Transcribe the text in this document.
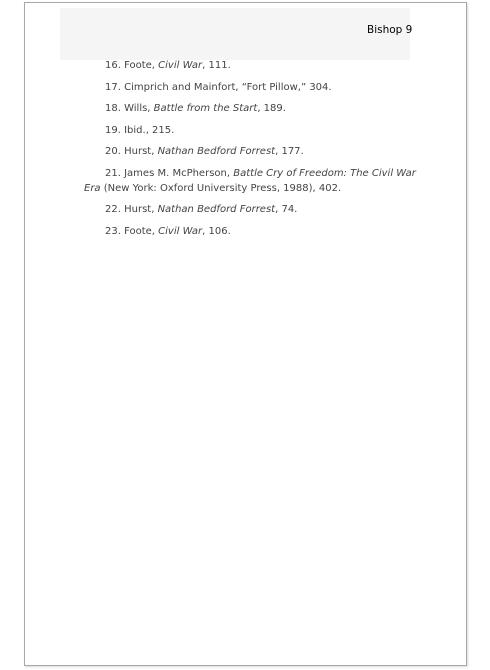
Bishop 9

16. Foote, Civil War, 111.

17. Cimprich and Mainfort, “Fort Pillow,” 304.

18. Wills, Battle from the Start, 189.

19. Ibid., 215.

20. Hurst, Nathan Bedford Forrest, 177.

21. James M. McPherson, Battle Cry of Freedom: The Civil War Era (New York: Oxford University Press, 1988), 402.

22. Hurst, Nathan Bedford Forrest, 74.

23. Foote, Civil War, 106.
